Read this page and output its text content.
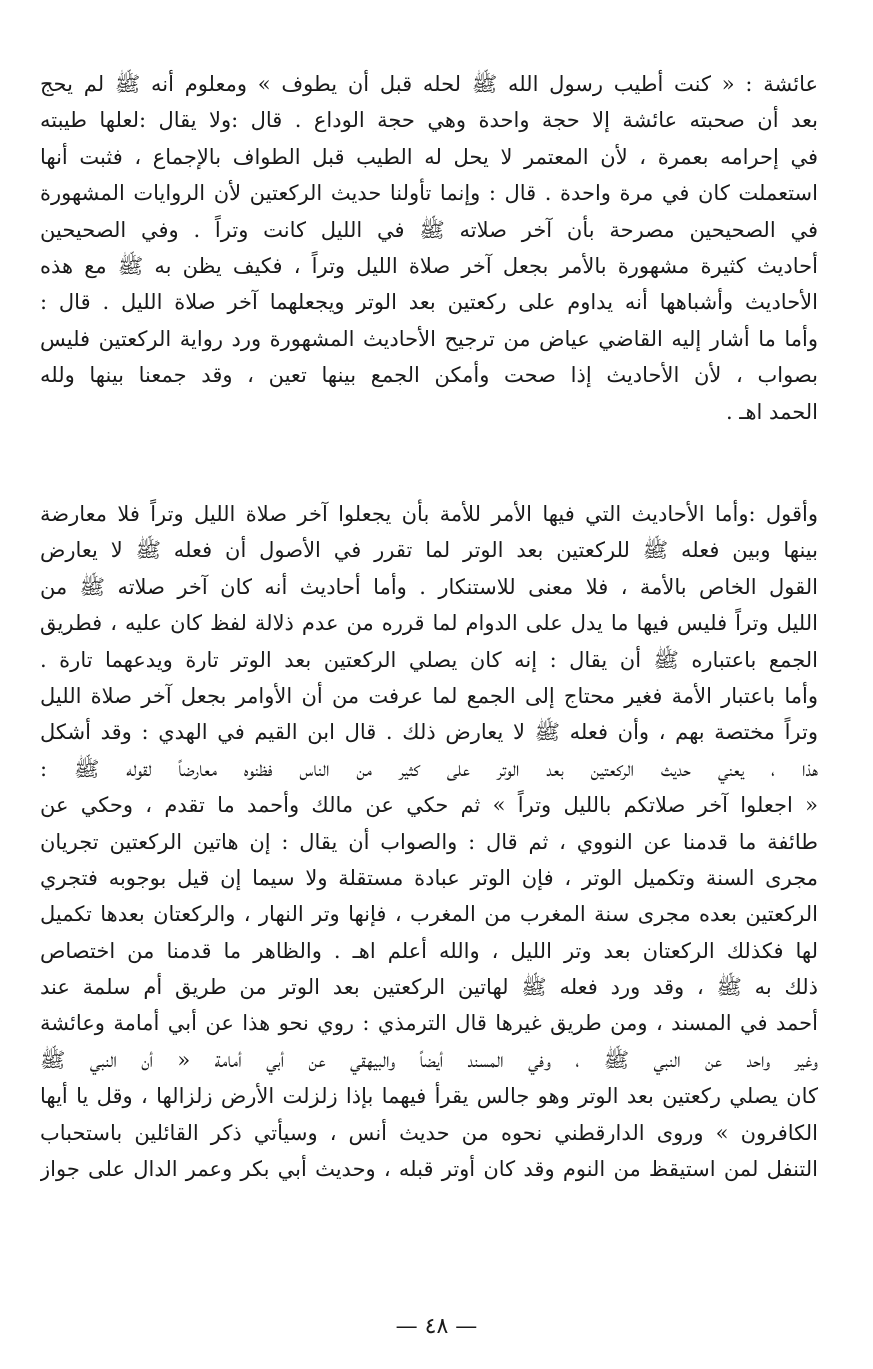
عائشة : « كنت أطيب رسول الله ﷺ لحله قبل أن يطوف » ومعلوم أنه ﷺ لم يحج
بعد أن صحبته عائشة إلا حجة واحدة وهي حجة الوداع . قال :ولا يقال :لعلها طيبته
في إحرامه بعمرة ، لأن المعتمر لا يحل له الطيب قبل الطواف بالإجماع ، فثبت أنها
استعملت كان في مرة واحدة . قال : وإنما تأولنا حديث الركعتين لأن الروايات المشهورة
في الصحيحين مصرحة بأن آخر صلاته ﷺ في الليل كانت وتراً . وفي الصحيحين
أحاديث كثيرة مشهورة بالأمر بجعل آخر صلاة الليل وتراً ، فكيف يظن به ﷺ مع هذه
الأحاديث وأشباهها أنه يداوم على ركعتين بعد الوتر ويجعلهما آخر صلاة الليل . قال :
وأما ما أشار إليه القاضي عياض من ترجيح الأحاديث المشهورة ورد رواية الركعتين فليس
بصواب ، لأن الأحاديث إذا صحت وأمكن الجمع بينها تعين ، وقد جمعنا بينها ولله
الحمد اهـ .
وأقول :وأما الأحاديث التي فيها الأمر للأمة بأن يجعلوا آخر صلاة الليل وتراً فلا معارضة
بينها وبين فعله ﷺ للركعتين بعد الوتر لما تقرر في الأصول أن فعله ﷺ لا يعارض
القول الخاص بالأمة ، فلا معنى للاستنكار . وأما أحاديث أنه كان آخر صلاته ﷺ من
الليل وتراً فليس فيها ما يدل على الدوام لما قرره من عدم ذلالة لفظ كان عليه ، فطريق
الجمع باعتباره ﷺ أن يقال : إنه كان يصلي الركعتين بعد الوتر تارة ويدعهما تارة .
وأما باعتبار الأمة فغير محتاج إلى الجمع لما عرفت من أن الأوامر بجعل آخر صلاة الليل
وتراً مختصة بهم ، وأن فعله ﷺ لا يعارض ذلك . قال ابن القيم في الهدي : وقد أشكل
هذا ، يعني حديث الركعتين بعد الوتر على كثير من الناس فظنوه معارضاً لقوله ﷺ :
« اجعلوا آخر صلاتكم بالليل وتراً » ثم حكي عن مالك وأحمد ما تقدم ، وحكي عن
طائفة ما قدمنا عن النووي ، ثم قال : والصواب أن يقال : إن هاتين الركعتين تجريان
مجرى السنة وتكميل الوتر ، فإن الوتر عبادة مستقلة ولا سيما إن قيل بوجوبه فتجري
الركعتين بعده مجرى سنة المغرب من المغرب ، فإنها وتر النهار ، والركعتان بعدها تكميل
لها فكذلك الركعتان بعد وتر الليل ، والله أعلم اهـ . والظاهر ما قدمنا من اختصاص
ذلك به ﷺ ، وقد ورد فعله ﷺ لهاتين الركعتين بعد الوتر من طريق أم سلمة عند
أحمد في المسند ، ومن طريق غيرها قال الترمذي : روي نحو هذا عن أبي أمامة وعائشة
وغير واحد عن النبي ﷺ ، وفي المسند أيضاً والبيهقي عن أبي أمامة « أن النبي ﷺ
كان يصلي ركعتين بعد الوتر وهو جالس يقرأ فيهما بإذا زلزلت الأرض زلزالها ، وقل يا أيها
الكافرون » وروى الدارقطني نحوه من حديث أنس ، وسيأتي ذكر القائلين باستحباب
التنفل لمن استيقظ من النوم وقد كان أوتر قبله ، وحديث أبي بكر وعمر الدال على جواز
— ٤٨ —
